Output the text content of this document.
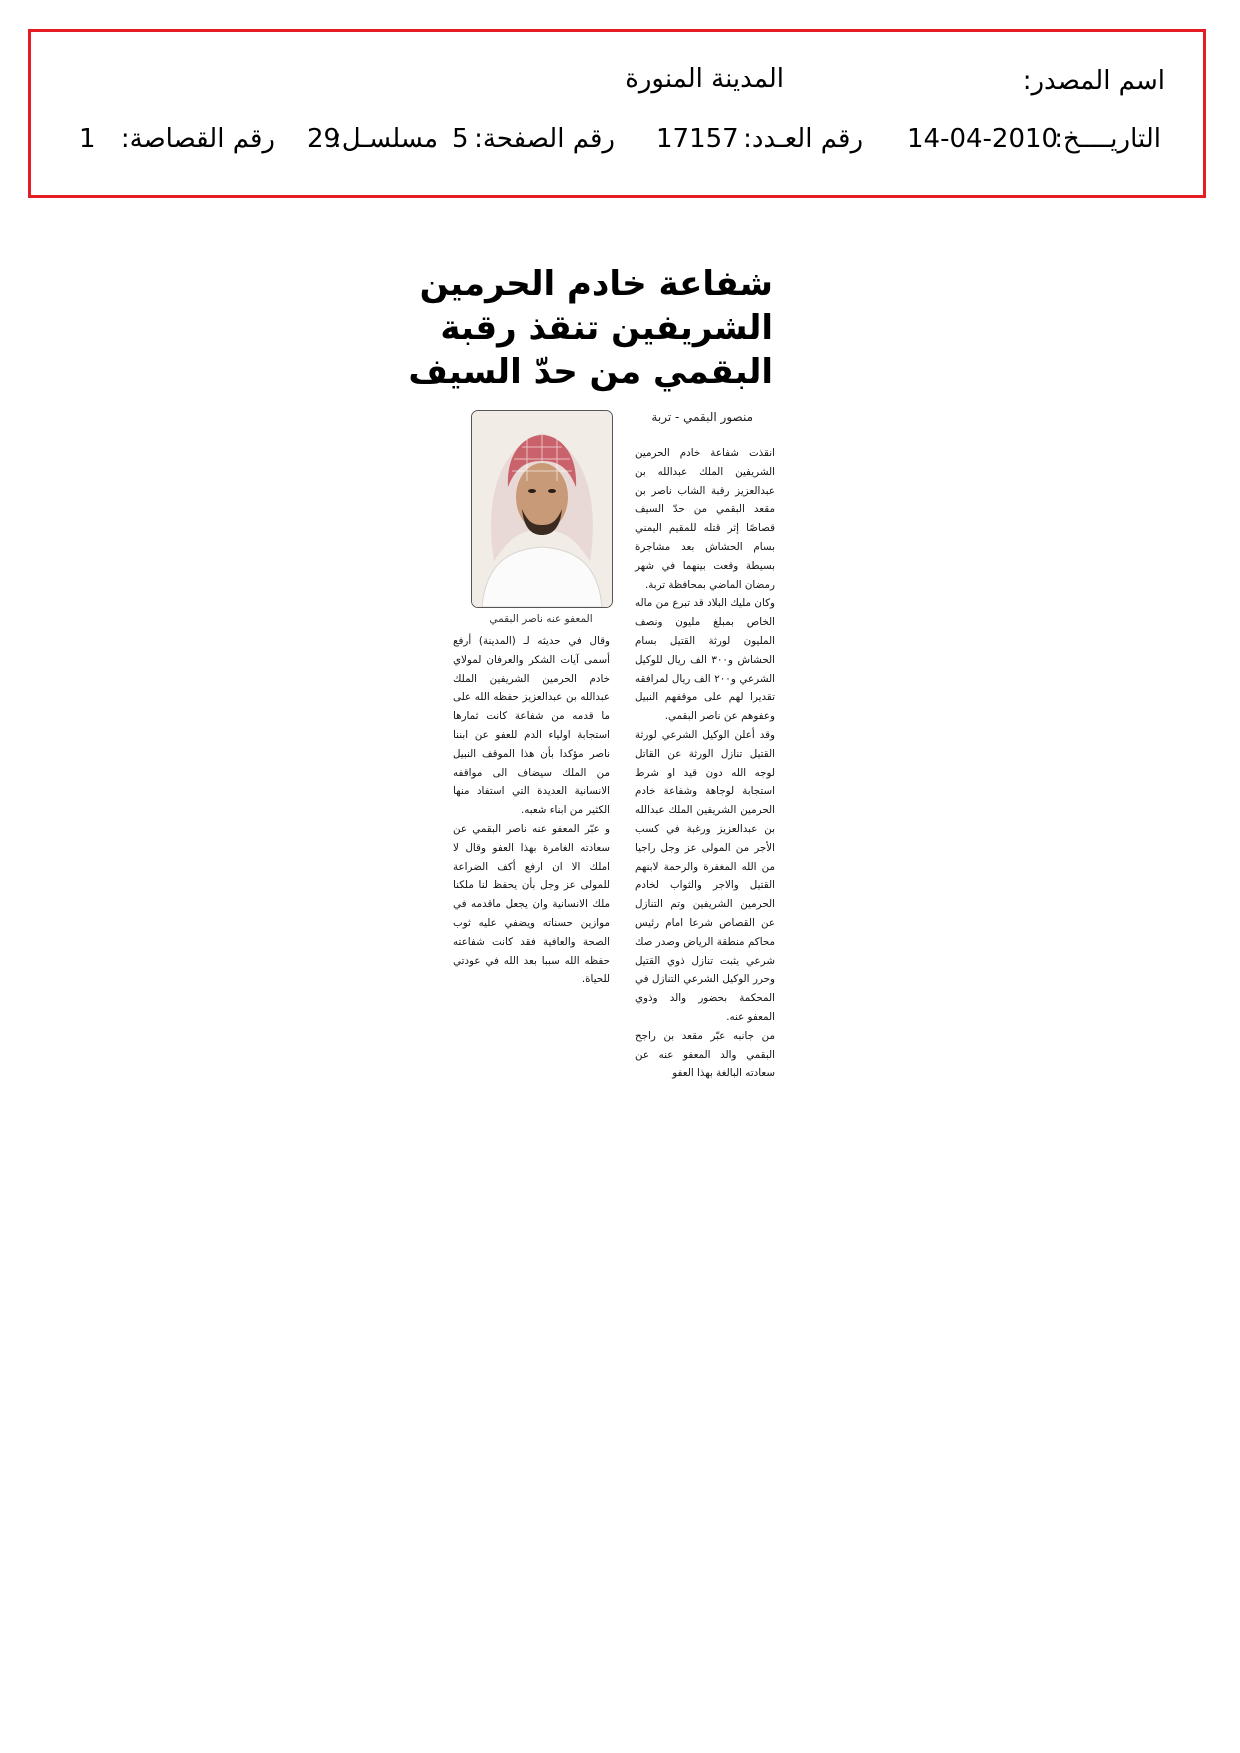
اسم المصدر:
المدينة المنورة
التاريــــخ:
14-04-2010
رقم العـدد:
17157
رقم الصفحة:
5
مسلسـل:
29
رقم القصاصة:
1
شفاعة خادم الحرمين
الشريفين تنقذ رقبة
البقمي من حدّ السيف
منصور البقمي - تربة

انقذت شفاعة خادم الحرمين الشريفين الملك عبدالله بن عبدالعزيز رقبة الشاب ناصر بن مقعد البقمي من حدّ السيف قصاصًا إثر قتله للمقيم اليمني بسام الحشاش بعد مشاجرة بسيطة وقعت بينهما في شهر رمضان الماضي بمحافظة تربة.

وكان مليك البلاد قد تبرع من ماله الخاص بمبلغ مليون ونصف المليون لورثة القتيل بسام الحشاش و٣٠٠ الف ريال للوكيل الشرعي و٢٠٠ الف ريال لمرافقه تقديرا لهم على موقفهم النبيل وعفوهم عن ناصر البقمي.

وقد أعلن الوكيل الشرعي لورثة القتيل تنازل الورثة عن القاتل لوجه الله دون قيد او شرط استجابة لوجاهة وشفاعة خادم الحرمين الشريفين الملك عبدالله بن عبدالعزيز ورغبة في كسب الأجر من المولى عز وجل راجيا من الله المغفرة والرحمة لابنهم القتيل والاجر والثواب لخادم الحرمين الشريفين وتم التنازل عن القصاص شرعا امام رئيس محاكم منطقة الرياض وصدر صك شرعي يثبت تنازل ذوي القتيل وحرر الوكيل الشرعي التنازل في المحكمة بحضور والد وذوي المعفو عنه.

من جانبه عبّر مقعد بن راجح البقمي والد المعفو عنه عن سعادته البالغة بهذا العفو

المعفو عنه ناصر البقمي

وقال في حديثه لـ (المدينة) أرفع أسمى آيات الشكر والعرفان لمولاي خادم الحرمين الشريفين الملك عبدالله بن عبدالعزيز حفظه الله على ما قدمه من شفاعة كانت ثمارها استجابة اولياء الدم للعفو عن ابننا ناصر مؤكدا بأن هذا الموقف النبيل من الملك سيضاف الى مواقفه الانسانية العديدة التي استفاد منها الكثير من ابناء شعبه.

و عبّر المعفو عنه ناصر البقمي عن سعادته الغامرة بهذا العفو وقال لا املك الا ان ارفع أكف الضراعة للمولى عز وجل بأن يحفظ لنا ملكنا ملك الانسانية وان يجعل ماقدمه في موازين حسناته ويضفي عليه ثوب الصحة والعافية فقد كانت شفاعته حفظه الله سببا بعد الله في عودتي للحياة.
